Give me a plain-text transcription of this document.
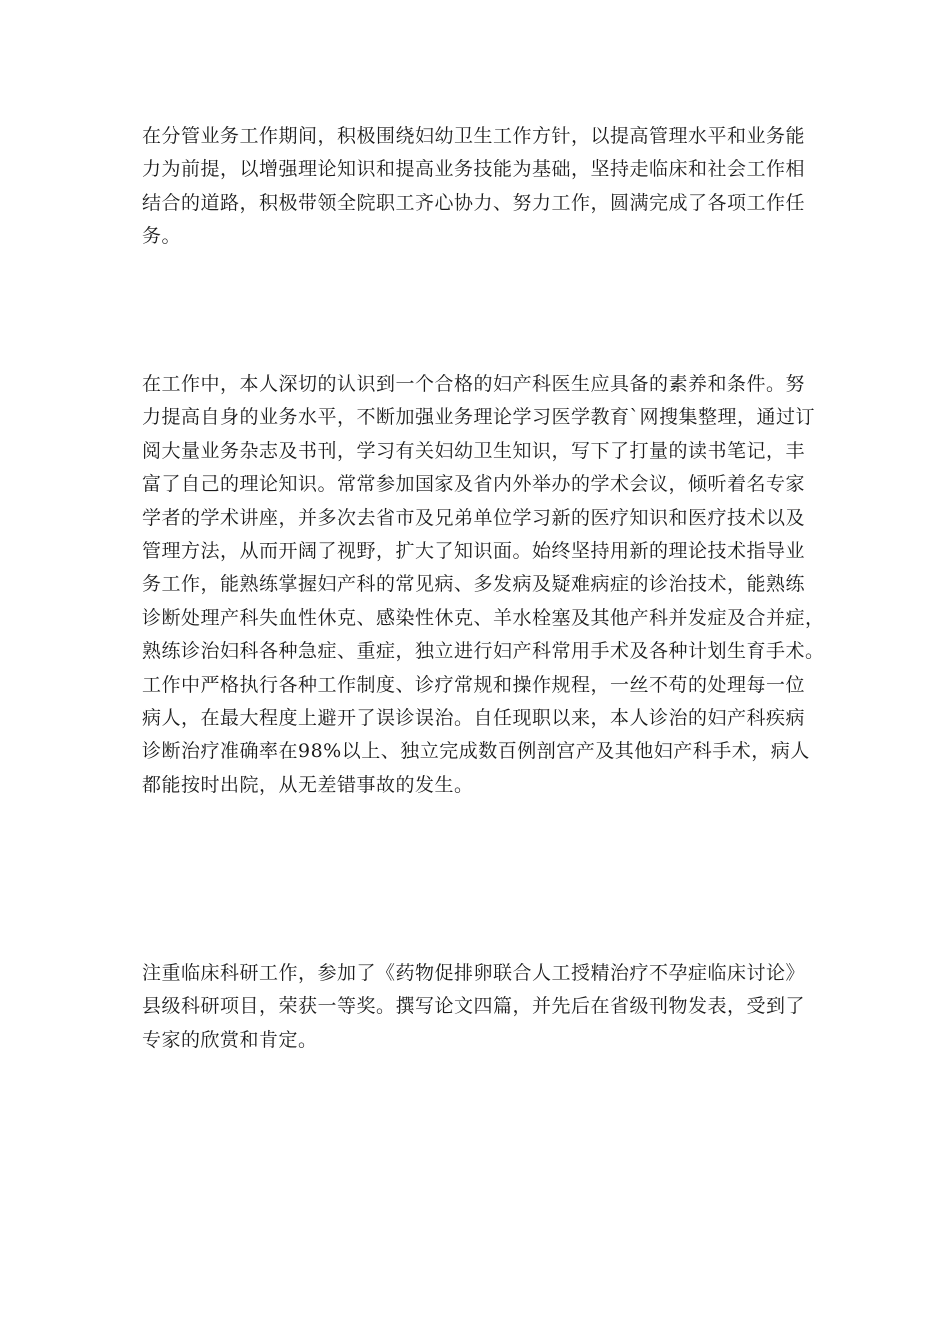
在分管业务工作期间，积极围绕妇幼卫生工作方针，以提高管理水平和业务能
力为前提，以增强理论知识和提高业务技能为基础，坚持走临床和社会工作相
结合的道路，积极带领全院职工齐心协力、努力工作，圆满完成了各项工作任
务。

在工作中，本人深切的认识到一个合格的妇产科医生应具备的素养和条件。努
力提高自身的业务水平，不断加强业务理论学习医学教育`网搜集整理，通过订
阅大量业务杂志及书刊，学习有关妇幼卫生知识，写下了打量的读书笔记，丰
富了自己的理论知识。常常参加国家及省内外举办的学术会议，倾听着名专家
学者的学术讲座，并多次去省市及兄弟单位学习新的医疗知识和医疗技术以及
管理方法，从而开阔了视野，扩大了知识面。始终坚持用新的理论技术指导业
务工作，能熟练掌握妇产科的常见病、多发病及疑难病症的诊治技术，能熟练
诊断处理产科失血性休克、感染性休克、羊水栓塞及其他产科并发症及合并症，
熟练诊治妇科各种急症、重症，独立进行妇产科常用手术及各种计划生育手术。
工作中严格执行各种工作制度、诊疗常规和操作规程，一丝不苟的处理每一位
病人，在最大程度上避开了误诊误治。自任现职以来，本人诊治的妇产科疾病
诊断治疗准确率在98%以上、独立完成数百例剖宫产及其他妇产科手术，病人
都能按时出院，从无差错事故的发生。

注重临床科研工作，参加了《药物促排卵联合人工授精治疗不孕症临床讨论》
县级科研项目，荣获一等奖。撰写论文四篇，并先后在省级刊物发表，受到了
专家的欣赏和肯定。
